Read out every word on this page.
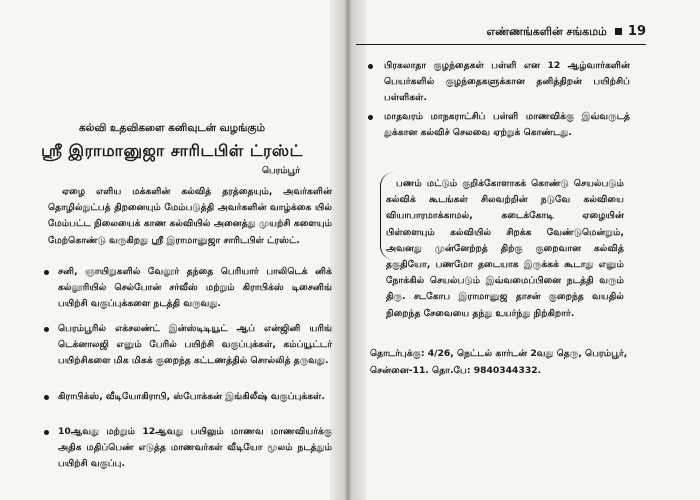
எண்ணங்களின் சங்கமம் 19
கல்வி உதவிகளை கனிவுடன் வழங்கும்
ஸ்ரீ இராமானுஜா சாரிடபிள் ட்ரஸ்ட்
பெரம்பூர்
ஏழை எளிய மக்களின் கல்வித் தரத்தையும், அவர்களின் தொழில்நுட்பத் திறனையும் மேம்படுத்தி அவர்களின் வாழ்க்கை யில் மேம்பட்ட நிலையைக் காண கல்வியில் அனைத்து முயற்சி களையும் மேற்கொண்டு வருகிறது ஸ்ரீ இராமானுஜா சாரிடபிள் ட்ரஸ்ட்.
சனி, ஞாயிறுகளில் வேலூர் தந்தை பெரியார் பாலிடெக் னிக் கல்லூரியில் செல்போன் சர்வீஸ் மற்றும் கிராபிக்ஸ் டிசைனிங் பயிற்சி வகுப்புக்களை நடத்தி வருவது.
பெரம்பூரில் எக்சலண்ட் இன்ஸ்டிடியூட் ஆப் என்ஜினி யரிங் டெக்னாலஜி எனும் பேரில் பயிற்சி வகுப்புக்கள், கம்ப்யூட்டர் பயிற்சிகளை மிக மிகக் குறைந்த கட்டணத்தில் சொல்லித் தருவது.
கிராபிக்ஸ், வீடியோகிராபி, ஸ்போக்கன் இங்கிலீஷ் வகுப்புக்கள்.
10ஆவது மற்றும் 12ஆவது பயிலும் மாணவ மாணவியர்க்கு அதிக மதிப்பெண் எடுத்த மாணவர்கள் வீடியோ மூலம் நடத்தும் பயிற்சி வகுப்பு.
பிரகலாதா குழந்தைகள் பள்ளி என 12 ஆழ்வார்களின் பெயர்களில் குழந்தைகளுக்கான தனித்திறன் பயிற்சிப் பள்ளிகள்.
மாதவரம் மாநகராட்சிப் பள்ளி மாணவிக்கு இவ்வருடத் துக்கான கல்விச் செலவை ஏற்றுக் கொண்டது.
பணம் மட்டும் குறிக்கோளாகக் கொண்டு செயல்படும் கல்விக் கூடங்கள் சிலவற்றின் நடுவே கல்வியை வியாபாரமாக்காமல், கடைக்கோடி ஏழையின் பிள்ளையும் கல்வியில் சிறக்க வேண்டுமென்றும், அவனது முன்னேற்றத் திற்கு குறைவான கல்வித் தகுதியோ, பணமோ தடையாக இருக்கக் கூடாது எனும் நோக்கில் செயல்படும் இவ்வமைப்பினை நடத்தி வரும் திரு. சடகோப இராமானுஜ தாசன் குறைந்த வயதில் நிறைந்த சேவையை தந்து உயர்ந்து நிற்கிறார்.
தொடர்புக்கு: 4/26, நெட்டல் கார்டன் 2வது தெரு, பெரம்பூர்,
சென்னை-11. தொ.பே: 9840344332.
